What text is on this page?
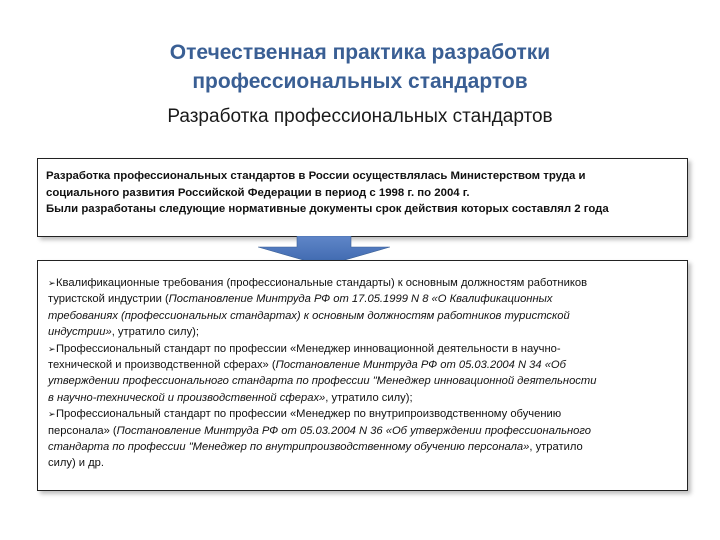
Отечественная практика разработки
профессиональных стандартов
Разработка профессиональных стандартов
Разработка профессиональных стандартов в России осуществлялась Министерством труда и
социального развития Российской Федерации в период с 1998 г. по 2004 г.
Были разработаны следующие нормативные документы срок действия которых составлял 2 года
➢Квалификационные требования (профессиональные стандарты) к основным должностям работников
туристской индустрии (Постановление Минтруда РФ от 17.05.1999 N 8 «О Квалификационных
требованиях (профессиональных стандартах) к основным должностям работников туристской
индустрии», утратило силу);
➢Профессиональный стандарт по профессии «Менеджер инновационной деятельности в научно-
технической и производственной сферах» (Постановление Минтруда РФ от 05.03.2004 N 34 «Об
утверждении профессионального стандарта по профессии "Менеджер инновационной деятельности
в научно-технической и производственной сферах», утратило силу);
➢Профессиональный стандарт по профессии «Менеджер по внутрипроизводственному обучению
персонала» (Постановление Минтруда РФ от 05.03.2004 N 36 «Об утверждении профессионального
стандарта по профессии "Менеджер по внутрипроизводственному обучению персонала», утратило
силу) и др.
